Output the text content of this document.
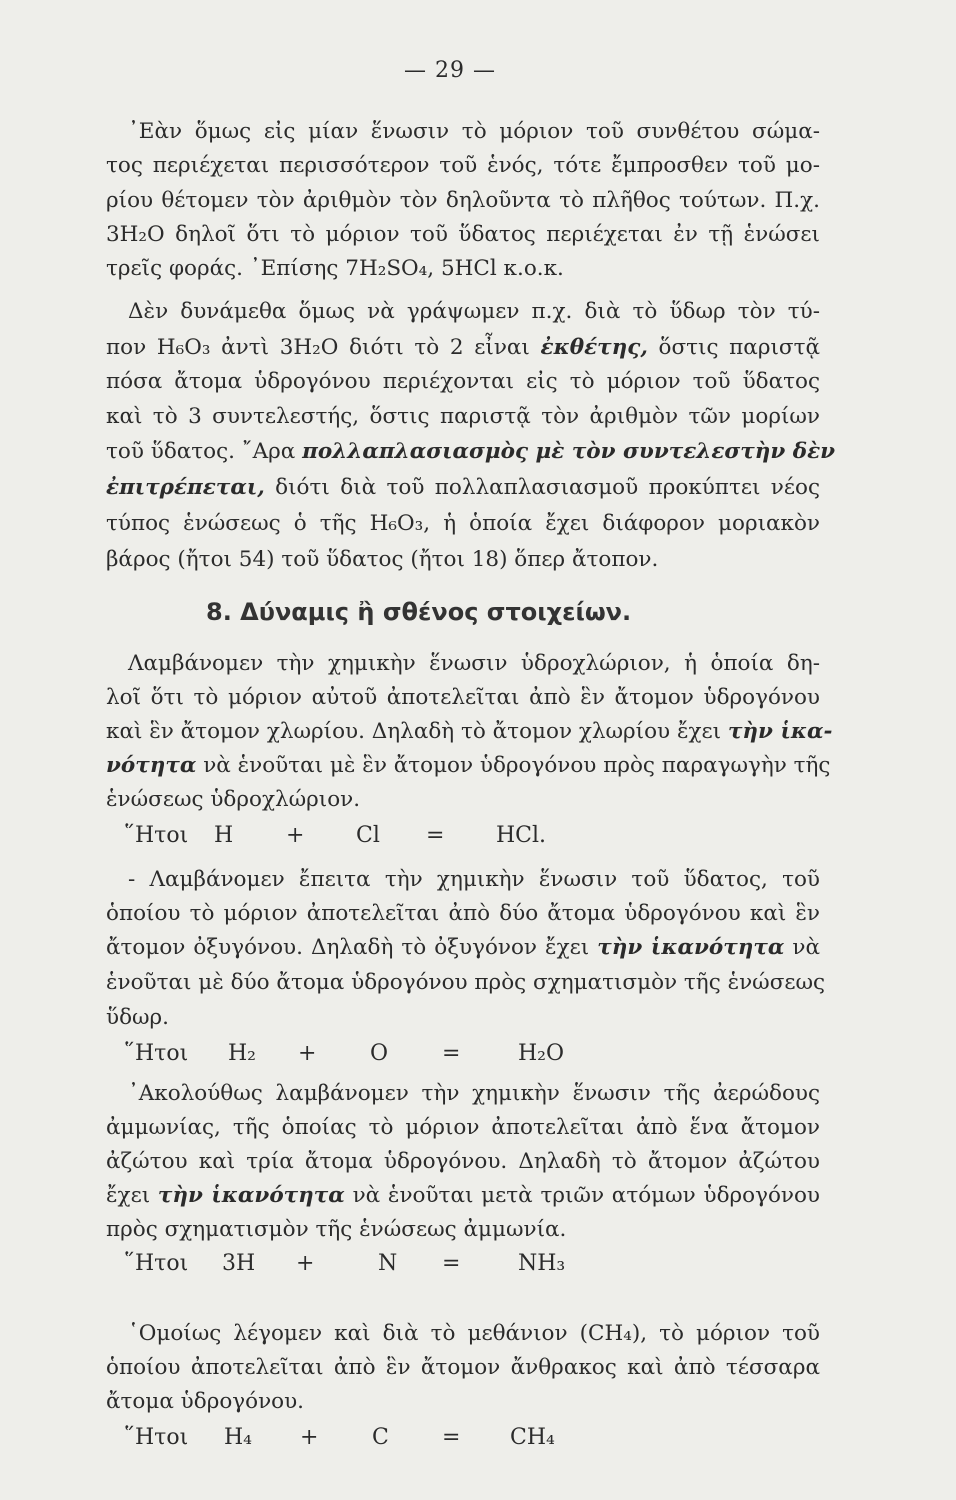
— 29 —
᾿Εὰν ὅμως εἰς μίαν ἕνωσιν τὸ μόριον τοῦ συνθέτου σώμα-
τος περιέχεται περισσότερον τοῦ ἑνός, τότε ἔμπροσθεν τοῦ μο-
ρίου θέτομεν τὸν ἀριθμὸν τὸν δηλοῦντα τὸ πλῆθος τούτων. Π.χ.
3H₂O δηλοῖ ὅτι τὸ μόριον τοῦ ὕδατος περιέχεται ἐν τῇ ἑνώσει
τρεῖς φοράς. ᾿Επίσης 7H₂SO₄, 5HCl κ.ο.κ.
Δὲν δυνάμεθα ὅμως νὰ γράψωμεν π.χ. διὰ τὸ ὕδωρ τὸν τύ-
πον H₆O₃ ἀντὶ 3H₂O διότι τὸ 2 εἶναι ἐκθέτης, ὅστις παριστᾷ
πόσα ἄτομα ὑδρογόνου περιέχονται εἰς τὸ μόριον τοῦ ὕδατος
καὶ τὸ 3 συντελεστής, ὅστις παριστᾷ τὸν ἀριθμὸν τῶν μορίων
τοῦ ὕδατος. ῎Αρα πολλαπλασιασμὸς μὲ τὸν συντελεστὴν δὲν
ἐπιτρέπεται, διότι διὰ τοῦ πολλαπλασιασμοῦ προκύπτει νέος
τύπος ἑνώσεως ὁ τῆς H₆O₃, ἡ ὁποία ἔχει διάφορον μοριακὸν
βάρος (ἤτοι 54) τοῦ ὕδατος (ἤτοι 18) ὅπερ ἄτοπον.
8. Δύναμις ἢ σθένος στοιχείων.
Λαμβάνομεν τὴν χημικὴν ἕνωσιν ὑδροχλώριον, ἡ ὁποία δη-
λοῖ ὅτι τὸ μόριον αὐτοῦ ἀποτελεῖται ἀπὸ ἓν ἄτομον ὑδρογόνου
καὶ ἓν ἄτομον χλωρίου. Δηλαδὴ τὸ ἄτομον χλωρίου ἔχει τὴν ἱκα-
νότητα νὰ ἑνοῦται μὲ ἓν ἄτομον ὑδρογόνου πρὸς παραγωγὴν τῆς
ἑνώσεως ὑδροχλώριον.
῞Ητοι H + Cl = HCl.
- Λαμβάνομεν ἔπειτα τὴν χημικὴν ἕνωσιν τοῦ ὕδατος, τοῦ
ὁποίου τὸ μόριον ἀποτελεῖται ἀπὸ δύο ἄτομα ὑδρογόνου καὶ ἓν
ἄτομον ὀξυγόνου. Δηλαδὴ τὸ ὀξυγόνον ἔχει τὴν ἱκανότητα νὰ
ἑνοῦται μὲ δύο ἄτομα ὑδρογόνου πρὸς σχηματισμὸν τῆς ἑνώσεως
ὕδωρ.
῞Ητοι H₂ + O =	H₂O
᾿Ακολούθως λαμβάνομεν τὴν χημικὴν ἕνωσιν τῆς ἀερώδους
ἀμμωνίας, τῆς ὁποίας τὸ μόριον ἀποτελεῖται ἀπὸ ἕνα ἄτομον
ἀζώτου καὶ τρία ἄτομα ὑδρογόνου. Δηλαδὴ τὸ ἄτομον ἀζώτου
ἔχει τὴν ἱκανότητα νὰ ἑνοῦται μετὰ τριῶν ατόμων ὑδρογόνου
πρὸς σχηματισμὸν τῆς ἑνώσεως ἀμμωνία.
῞Ητοι 3H +	N =	NH₃
῾Ομοίως λέγομεν καὶ διὰ τὸ μεθάνιον (CH₄), τὸ μόριον τοῦ
ὁποίου ἀποτελεῖται ἀπὸ ἓν ἄτομον ἄνθρακος καὶ ἀπὸ τέσσαρα
ἄτομα ὑδρογόνου.
῞Ητοι H₄ + C = CH₄
